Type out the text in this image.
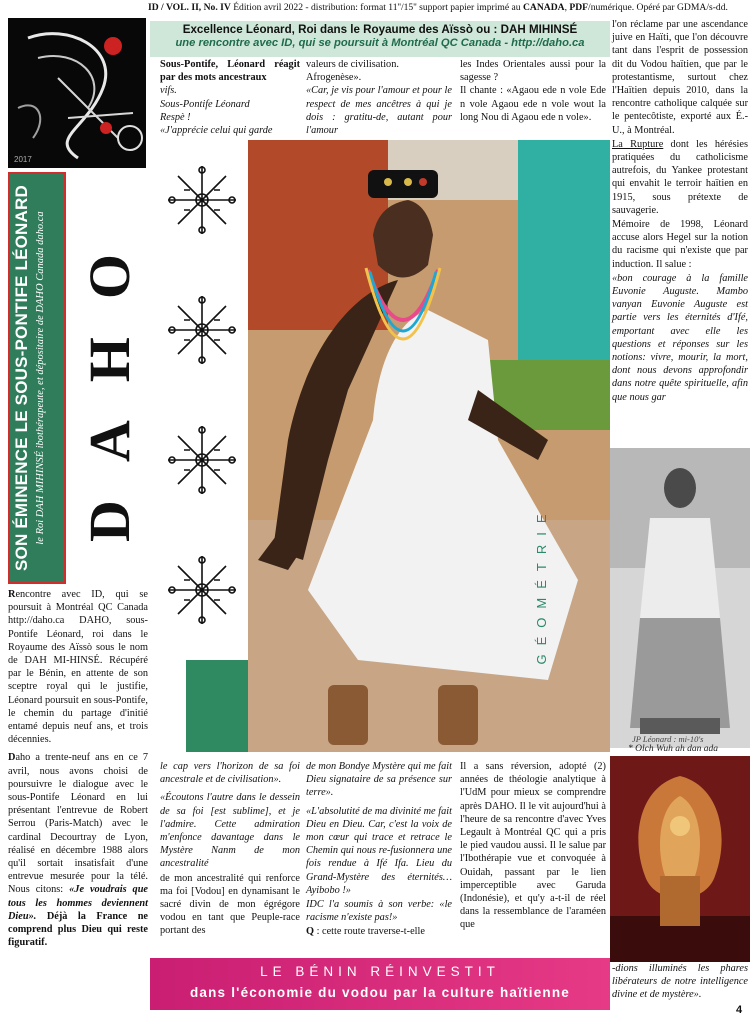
ID / VOL. II, No. IV Édition avril 2022 - distribution: format 11''/15'' support papier imprimé au CANADA, PDF/numérique. Opéré par GDMA/s-dd.
Excellence Léonard, Roi dans le Royaume des Aïssò ou : DAH MIHINSÉ
une rencontre avec ID, qui se poursuit à Montréal QC Canada - http://daho.ca
2017
SON ÉMINENCE LE SOUS-PONTIFE LÉONARD le Roi DAH MIHINSÉ ibothérapeute, et dépositaire de DAHO Canada daho.ca DAHO

Rencontre avec ID, qui se poursuit à Montréal QC Canada http://daho.ca DAHO, sous-Pontife Léonard, roi dans le Royaume des Aïssò sous le nom de DAH MI-HINSÉ. Récupéré par le Bénin, en attente de son sceptre royal qui le justifie, Léonard poursuit en sous-Pontife, le chemin du partage d'initié entamé depuis neuf ans, et trois décennies.

Daho a trente-neuf ans en ce 7 avril, nous avons choisi de poursuivre le dialogue avec le sous-Pontife Léonard en lui présentant l'entrevue de Robert Serrou (Paris-Match) avec le cardinal Decourtray de Lyon, réalisé en décembre 1988 alors qu'il sortait insatisfait d'une entrevue mesurée pour la télé. Nous citons: «Je voudrais que tous les hommes deviennent Dieu». Déjà la France ne comprend plus Dieu qui reste figuratif.

Sous-Pontife, Léonard réagit par des mots ancestraux
vifs.
Sous-Pontife Léonard
Respè !
«J'apprécie celui qui garde
valeurs de civilisation.
Afrogenèse».
«Car, je vis pour l'amour et pour le respect de mes ancêtres à qui je dois : gratitu-de, autant pour l'amour
les Indes Orientales aussi pour la sagesse ?
Il chante : «Agaou ede n vole Ede n vole Agaou ede n vole wout la long Nou di Agaou ede n vole».

l'on réclame par une ascendance juive en Haïti, que l'on découvre tant dans l'esprit de possession dit du Vodou haïtien, que par le protestantisme, surtout chez l'Haïtien depuis 2010, dans la rencontre catholique calquée sur le pentecôtiste, exporté aux É.-U., à Montréal.

La Rupture dont les hérésies pratiquées du catholicisme autrefois, du Yankee protestant qui envahit le terroir haïtien en 1915, sous prétexte de sauvagerie.

Mémoire de 1998, Léonard accuse alors Hegel sur la notion du racisme qui n'existe que par induction. Il salue :

«bon courage à la famille Euvonie Auguste. Mambo vanyan Euvonie Auguste est partie vers les éternités d'Ifé, emportant avec elle les questions et réponses sur les notions: vivre, mourir, la mort, dont nous devons approfondir dans notre quête spirituelle, afin que nous gar

GÉOMÉTRIE
JP Léonard : mi-10's
* Olch Wuh ah dan ada

le cap vers l'horizon de sa foi ancestrale et de civilisation».

«Écoutons l'autre dans le dessein de sa foi [est sublime], et je l'admire. Cette admiration m'enfonce davantage dans le Mystère Nanm de mon ancestralité

de mon ancestralité qui renforce ma foi [Vodou] en dynamisant le sacré divin de mon égrégore vodou en tant que Peuple-race portant des

de mon Bondye Mystère qui me fait Dieu signataire de sa présence sur terre».

«L'absolutité de ma divinité me fait Dieu en Dieu. Car, c'est la voix de mon cœur qui trace et retrace le Chemin qui nous re-fusionnera une fois rendue à Ifé Ifa. Lieu du Grand-Mystère des éternités… Ayibobo !»

IDC l'a soumis à son verbe: «le racisme n'existe pas!»

Q : cette route traverse-t-elle

Il a sans réversion, adopté (2) années de théologie analytique à l'UdM pour mieux se comprendre après DAHO. Il le vit aujourd'hui à l'heure de sa rencontre d'avec Yves Legault à Montréal QC qui a pris le pied vaudou aussi. Il le salue par l'Ibothérapie vue et convoquée à Ouidah, passant par le lien imperceptible avec Garuda (Indonésie), et qu'y a-t-il de réel dans la ressemblance de l'araméen que

-dions illuminés les phares libérateurs de notre intelligence divine et de mystère».
LE BÉNIN RÉINVESTIT
dans l'économie du vodou par la culture haïtienne
4
